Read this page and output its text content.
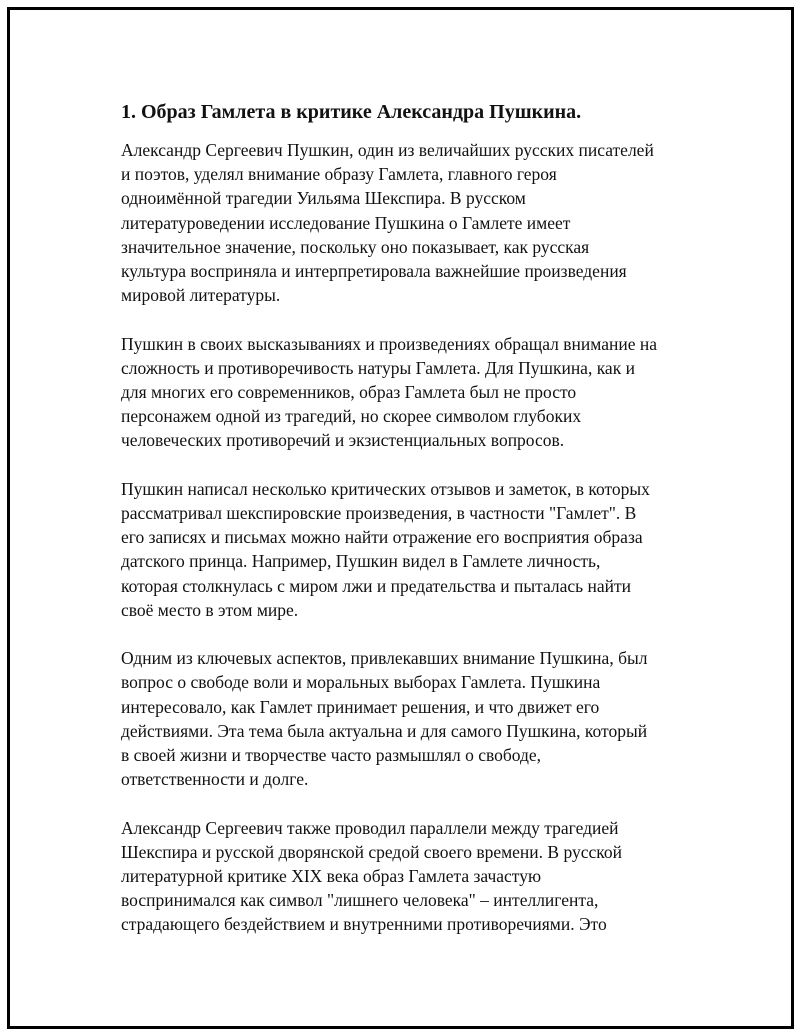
1. Образ Гамлета в критике Александра Пушкина.
Александр Сергеевич Пушкин, один из величайших русских писателей
и поэтов, уделял внимание образу Гамлета, главного героя
одноимённой трагедии Уильяма Шекспира. В русском
литературоведении исследование Пушкина о Гамлете имеет
значительное значение, поскольку оно показывает, как русская
культура восприняла и интерпретировала важнейшие произведения
мировой литературы.
Пушкин в своих высказываниях и произведениях обращал внимание на
сложность и противоречивость натуры Гамлета. Для Пушкина, как и
для многих его современников, образ Гамлета был не просто
персонажем одной из трагедий, но скорее символом глубоких
человеческих противоречий и экзистенциальных вопросов.
Пушкин написал несколько критических отзывов и заметок, в которых
рассматривал шекспировские произведения, в частности "Гамлет". В
его записях и письмах можно найти отражение его восприятия образа
датского принца. Например, Пушкин видел в Гамлете личность,
которая столкнулась с миром лжи и предательства и пыталась найти
своё место в этом мире.
Одним из ключевых аспектов, привлекавших внимание Пушкина, был
вопрос о свободе воли и моральных выборах Гамлета. Пушкина
интересовало, как Гамлет принимает решения, и что движет его
действиями. Эта тема была актуальна и для самого Пушкина, который
в своей жизни и творчестве часто размышлял о свободе,
ответственности и долге.
Александр Сергеевич также проводил параллели между трагедией
Шекспира и русской дворянской средой своего времени. В русской
литературной критике XIX века образ Гамлета зачастую
воспринимался как символ "лишнего человека" – интеллигента,
страдающего бездействием и внутренними противоречиями. Это
